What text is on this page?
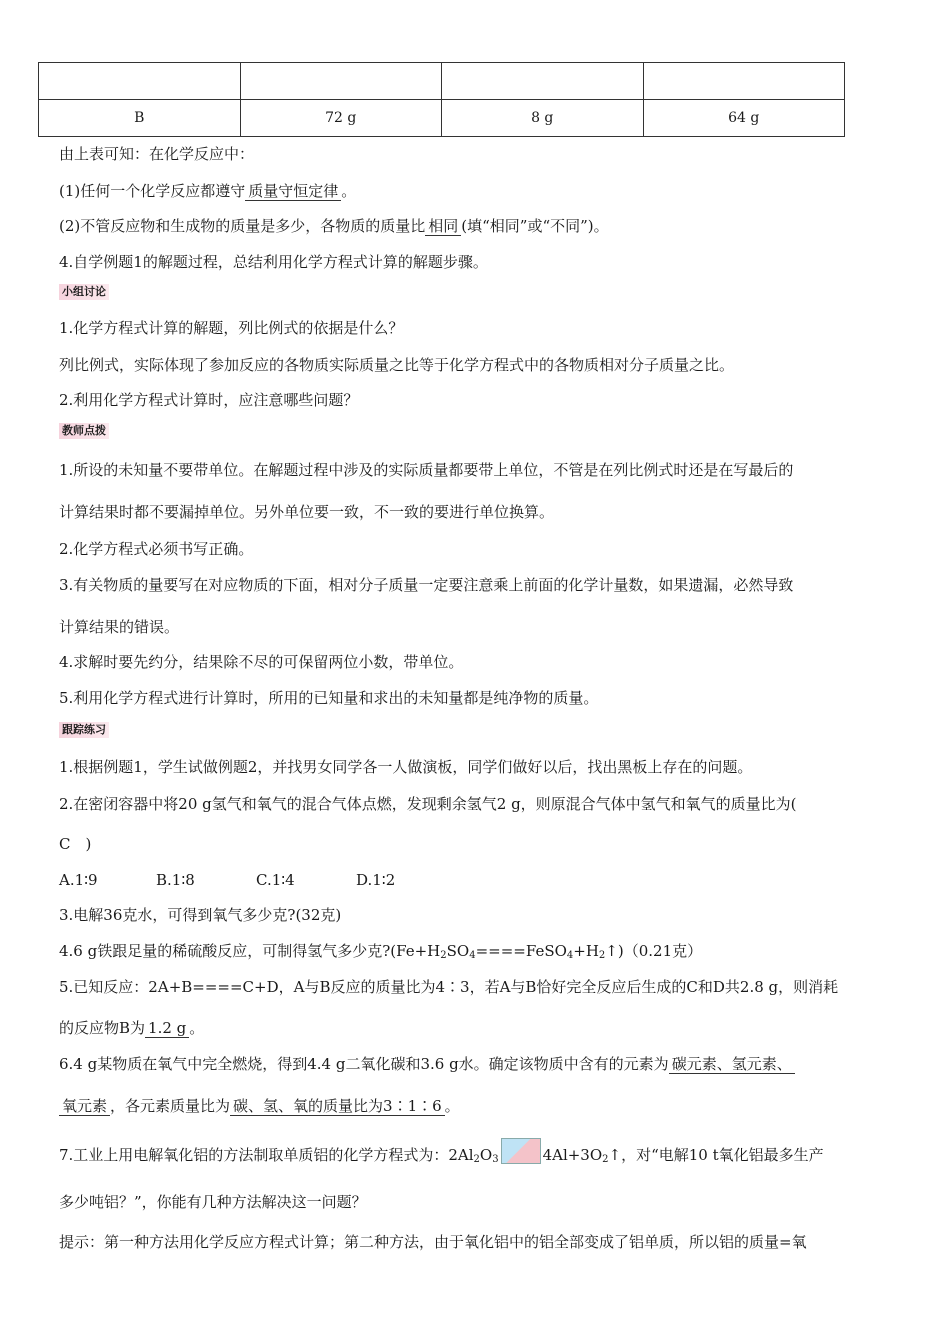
B	72 g	8 g	64 g
由上表可知：在化学反应中：
(1)任何一个化学反应都遵守 质量守恒定律 。
(2)不管反应物和生成物的质量是多少，各物质的质量比 相同 (填“相同”或“不同”)。
4.自学例题1的解题过程，总结利用化学方程式计算的解题步骤。
小组讨论
1.化学方程式计算的解题，列比例式的依据是什么？
列比例式，实际体现了参加反应的各物质实际质量之比等于化学方程式中的各物质相对分子质量之比。
2.利用化学方程式计算时，应注意哪些问题？
教师点拨
1.所设的未知量不要带单位。在解题过程中涉及的实际质量都要带上单位，不管是在列比例式时还是在写最后的
计算结果时都不要漏掉单位。另外单位要一致，不一致的要进行单位换算。
2.化学方程式必须书写正确。
3.有关物质的量要写在对应物质的下面，相对分子质量一定要注意乘上前面的化学计量数，如果遗漏，必然导致
计算结果的错误。
4.求解时要先约分，结果除不尽的可保留两位小数，带单位。
5.利用化学方程式进行计算时，所用的已知量和求出的未知量都是纯净物的质量。
跟踪练习
1.根据例题1，学生试做例题2，并找男女同学各一人做演板，同学们做好以后，找出黑板上存在的问题。
2.在密闭容器中将20 g氢气和氧气的混合气体点燃，发现剩余氢气2 g，则原混合气体中氢气和氧气的质量比为(
C　)
A.1∶9	B.1∶8	C.1∶4	D.1∶2
3.电解36克水，可得到氧气多少克?(32克)
4.6 g铁跟足量的稀硫酸反应，可制得氢气多少克$?(Fe+H_2SO_4====FeSO_4+H_2↑)(0.21$克）
5.已知反应：2A+B====C+D，A与B反应的质量比为4∶3，若A与B恰好完全反应后生成的C和D共2.8 g，则消耗
的反应物B为 1.2 g 。
6.4 g某物质在氧气中完全燃烧，得到4.4 g二氧化碳和3.6 g水。确定该物质中含有的元素为 碳元素、氢元素、
氧元素 ，各元素质量比为 碳、氢、氧的质量比为3∶1∶6 。
7.工业上用电解氧化铝的方法制取单质铝的化学方程式为：$2Al_2O_3$	$4Al+3O_2↑$，对“电解10 t氧化铝最多生产
多少吨铝？”，你能有几种方法解决这一问题？
提示：第一种方法用化学反应方程式计算；第二种方法，由于氧化铝中的铝全部变成了铝单质，所以铝的质量=氧
